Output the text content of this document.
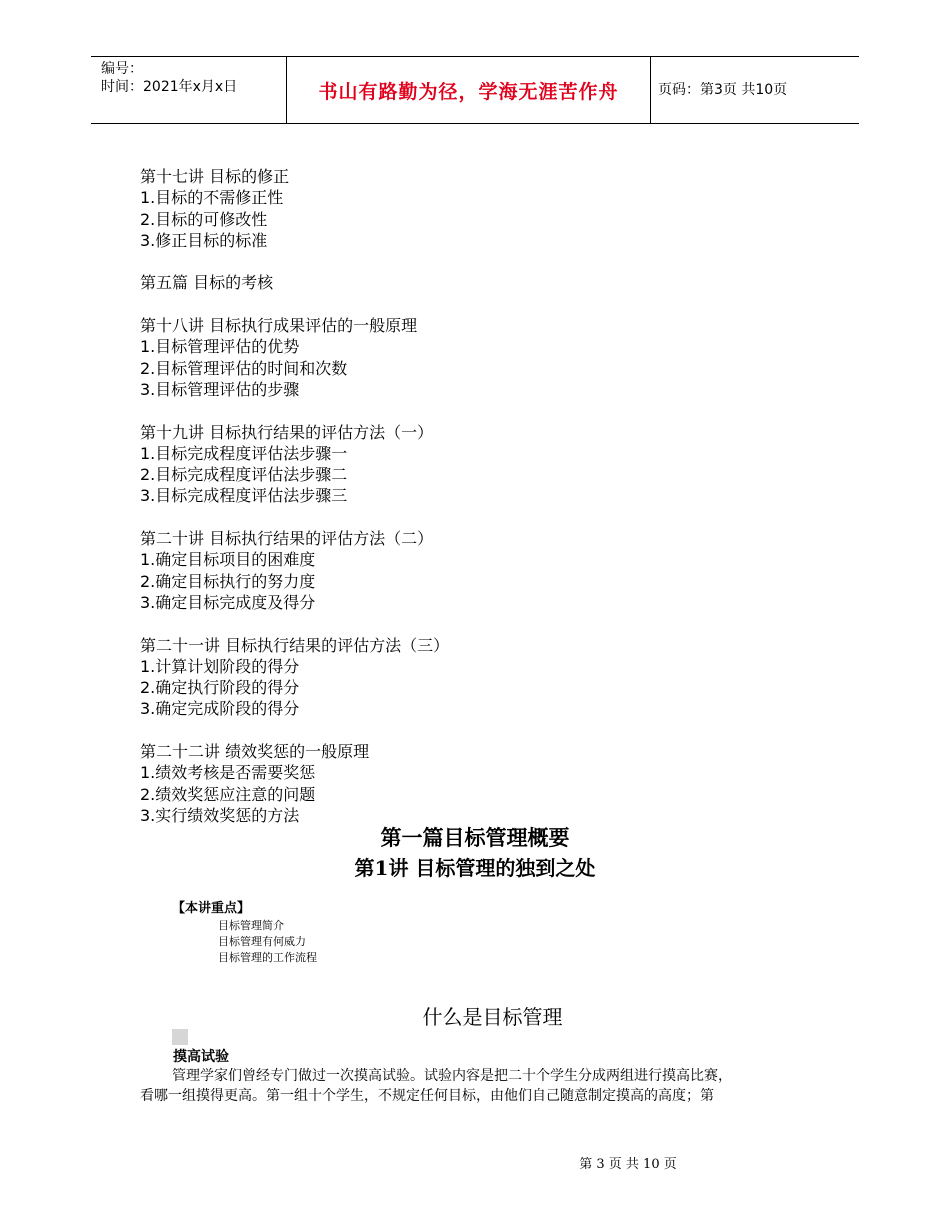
编号：
时间：2021年x月x日	书山有路勤为径，学海无涯苦作舟	页码：第3页 共10页
第十七讲 目标的修正
1.目标的不需修正性
2.目标的可修改性
3.修正目标的标准
第五篇 目标的考核
第十八讲 目标执行成果评估的一般原理
1.目标管理评估的优势
2.目标管理评估的时间和次数
3.目标管理评估的步骤
第十九讲 目标执行结果的评估方法（一）
1.目标完成程度评估法步骤一
2.目标完成程度评估法步骤二
3.目标完成程度评估法步骤三
第二十讲 目标执行结果的评估方法（二）
1.确定目标项目的困难度
2.确定目标执行的努力度
3.确定目标完成度及得分
第二十一讲 目标执行结果的评估方法（三）
1.计算计划阶段的得分
2.确定执行阶段的得分
3.确定完成阶段的得分
第二十二讲 绩效奖惩的一般原理
1.绩效考核是否需要奖惩
2.绩效奖惩应注意的问题
3.实行绩效奖惩的方法
第一篇目标管理概要
第1讲 目标管理的独到之处
【本讲重点】
目标管理简介
目标管理有何威力
目标管理的工作流程
什么是目标管理
摸高试验
管理学家们曾经专门做过一次摸高试验。试验内容是把二十个学生分成两组进行摸高比赛，
看哪一组摸得更高。第一组十个学生，不规定任何目标，由他们自己随意制定摸高的高度；第
第 3 页 共 10 页
